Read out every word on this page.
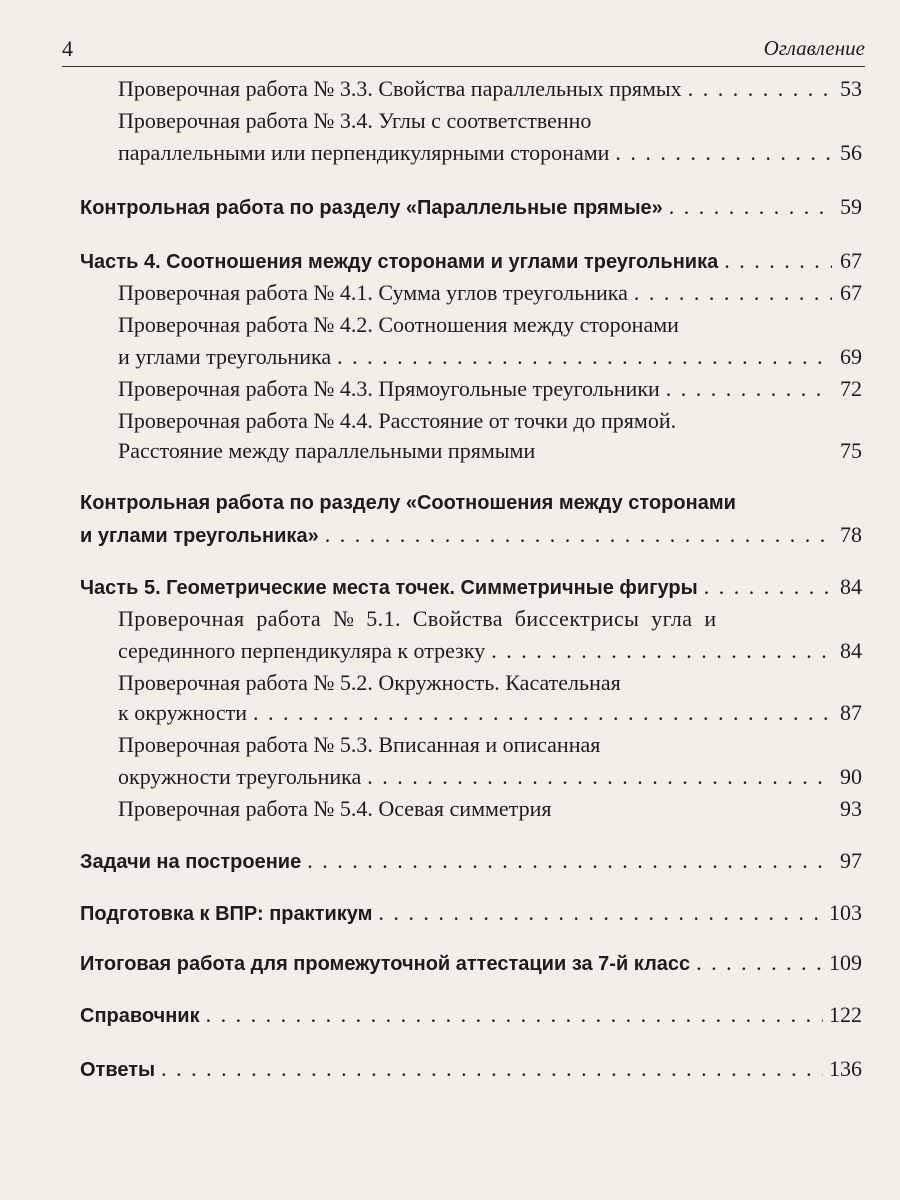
4	Оглавление
Проверочная работа № 3.3. Свойства параллельных прямых . . .	53
Проверочная работа № 3.4. Углы с соответственно
параллельными или перпендикулярными сторонами . . .	56
Контрольная работа по разделу «Параллельные прямые» . . .	59
Часть 4. Соотношения между сторонами и углами треугольника . . .	67
Проверочная работа № 4.1. Сумма углов треугольника . . .	67
Проверочная работа № 4.2. Соотношения между сторонами
и углами треугольника . . .	69
Проверочная работа № 4.3. Прямоугольные треугольники . . .	72
Проверочная работа № 4.4. Расстояние от точки до прямой.
Расстояние между параллельными прямыми	75
Контрольная работа по разделу «Соотношения между сторонами
и углами треугольника» . . .	78
Часть 5. Геометрические места точек. Симметричные фигуры . . .	84
Проверочная работа № 5.1. Свойства биссектрисы угла и
серединного перпендикуляра к отрезку . . .	84
Проверочная работа № 5.2. Окружность. Касательная
к окружности . . .	87
Проверочная работа № 5.3. Вписанная и описанная
окружности треугольника . . .	90
Проверочная работа № 5.4. Осевая симметрия	93
Задачи на построение . . .	97
Подготовка к ВПР: практикум . . .	103
Итоговая работа для промежуточной аттестации за 7-й класс . . .	109
Справочник . . .	122
Ответы . . .	136
